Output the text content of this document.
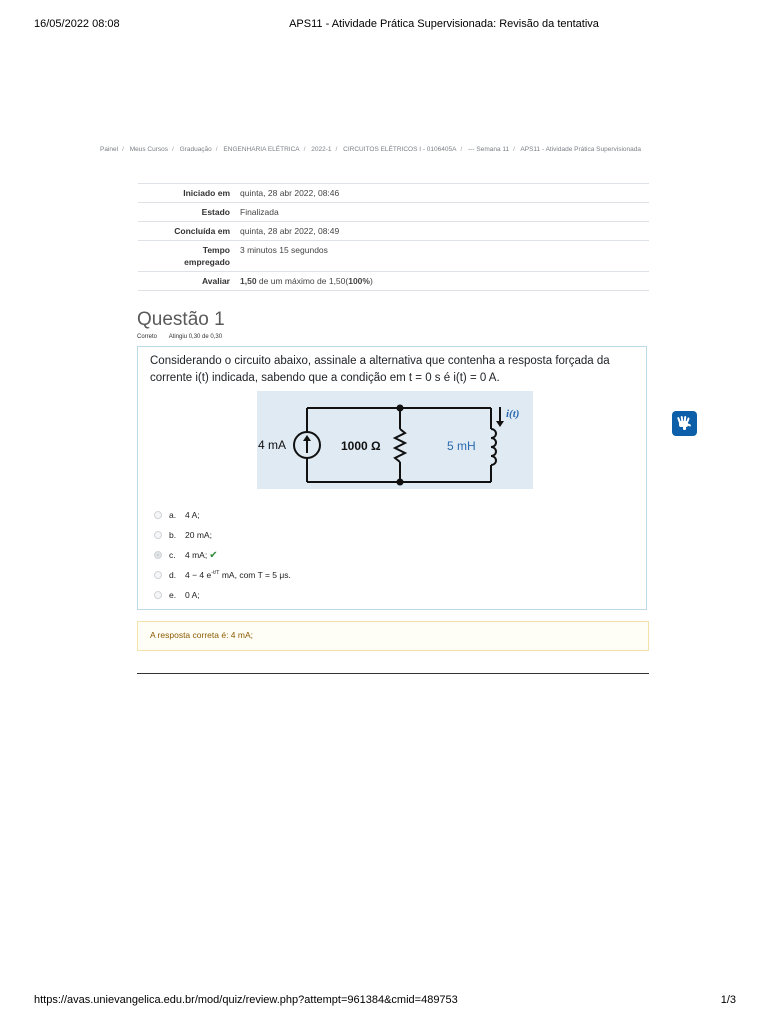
16/05/2022 08:08	APS11 - Atividade Prática Supervisionada: Revisão da tentativa
Painel / Meus Cursos / Graduação / ENGENHARIA ELÉTRICA / 2022-1 / CIRCUITOS ELÉTRICOS I - 0106405A / --- Semana 11 / APS11 - Atividade Prática Supervisionada
Iniciado em	quinta, 28 abr 2022, 08:46
Estado	Finalizada
Concluída em	quinta, 28 abr 2022, 08:49
Tempo
empregado	3 minutos 15 segundos
Avaliar	1,50 de um máximo de 1,50(100%)
Questão 1
Correto Atingiu 0,30 de 0,30
Considerando o circuito abaixo, assinale a alternativa que contenha a resposta forçada da corrente i(t) indicada, sabendo que a condição em t = 0 s é i(t) = 0 A.
4 mA	1000 Ω	5 mH
i(t)
a.	4 A;
b.	20 mA;
c.	4 mA; ✔
d.	4 − 4 $e^{-t/T}$ mA, com T = 5 μs.
e.	0 A;
A resposta correta é: 4 mA;
https://avas.unievangelica.edu.br/mod/quiz/review.php?attempt=961384&cmid=489753	1/3
